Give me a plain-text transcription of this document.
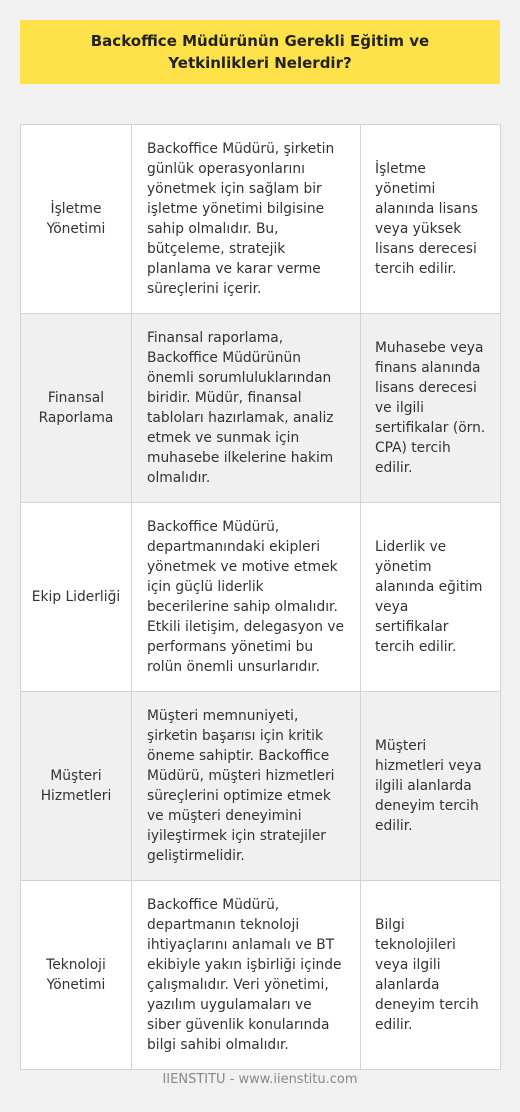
Backoffice Müdürünün Gerekli Eğitim ve Yetkinlikleri Nelerdir?
İşletme Yönetimi	Backoffice Müdürü, şirketin günlük operasyonlarını yönetmek için sağlam bir işletme yönetimi bilgisine sahip olmalıdır. Bu, bütçeleme, stratejik planlama ve karar verme süreçlerini içerir.	İşletme yönetimi alanında lisans veya yüksek lisans derecesi tercih edilir.
Finansal Raporlama	Finansal raporlama, Backoffice Müdürünün önemli sorumluluklarından biridir. Müdür, finansal tabloları hazırlamak, analiz etmek ve sunmak için muhasebe ilkelerine hakim olmalıdır.	Muhasebe veya finans alanında lisans derecesi ve ilgili sertifikalar (örn. CPA) tercih edilir.
Ekip Liderliği	Backoffice Müdürü, departmanındaki ekipleri yönetmek ve motive etmek için güçlü liderlik becerilerine sahip olmalıdır. Etkili iletişim, delegasyon ve performans yönetimi bu rolün önemli unsurlarıdır.	Liderlik ve yönetim alanında eğitim veya sertifikalar tercih edilir.
Müşteri Hizmetleri	Müşteri memnuniyeti, şirketin başarısı için kritik öneme sahiptir. Backoffice Müdürü, müşteri hizmetleri süreçlerini optimize etmek ve müşteri deneyimini iyileştirmek için stratejiler geliştirmelidir.	Müşteri hizmetleri veya ilgili alanlarda deneyim tercih edilir.
Teknoloji Yönetimi	Backoffice Müdürü, departmanın teknoloji ihtiyaçlarını anlamalı ve BT ekibiyle yakın işbirliği içinde çalışmalıdır. Veri yönetimi, yazılım uygulamaları ve siber güvenlik konularında bilgi sahibi olmalıdır.	Bilgi teknolojileri veya ilgili alanlarda deneyim tercih edilir.
IIENSTITU - www.iienstitu.com
